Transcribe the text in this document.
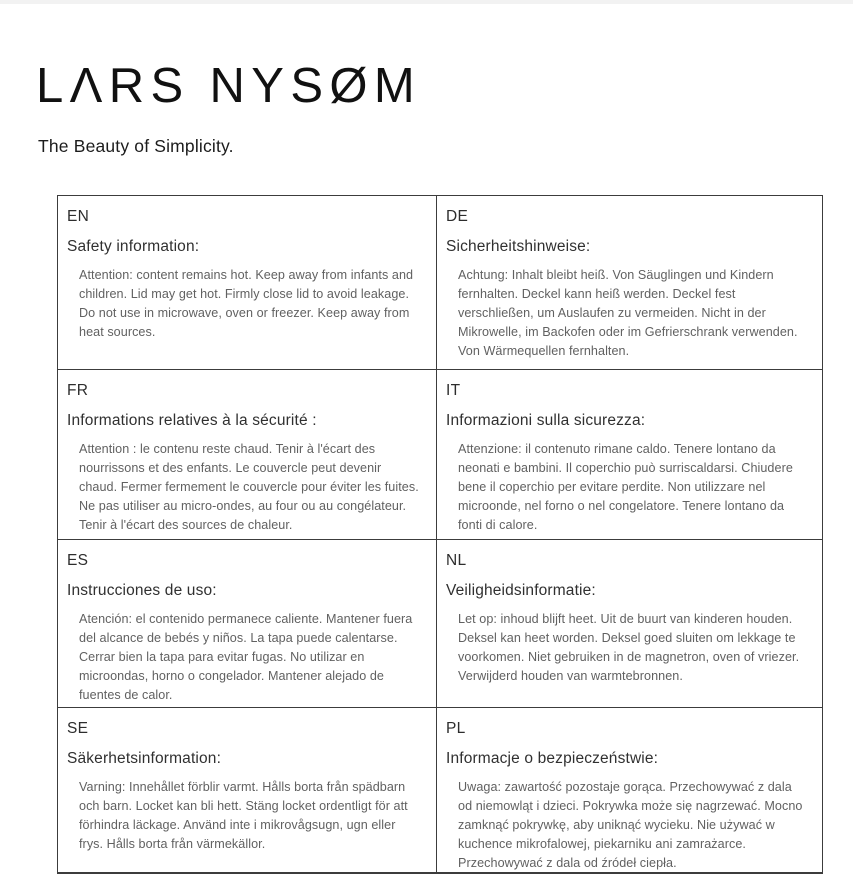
LΛRS NYSØM
The Beauty of Simplicity.
EN
Safety information:

Attention: content remains hot. Keep away from infants and children. Lid may get hot. Firmly close lid to avoid leakage. Do not use in microwave, oven or freezer. Keep away from heat sources.

DE
Sicherheitshinweise:

Achtung: Inhalt bleibt heiß. Von Säuglingen und Kindern fernhalten. Deckel kann heiß werden. Deckel fest verschließen, um Auslaufen zu vermeiden. Nicht in der Mikrowelle, im Backofen oder im Gefrierschrank verwenden. Von Wärmequellen fernhalten.

FR
Informations relatives à la sécurité :

Attention : le contenu reste chaud. Tenir à l'écart des nourrissons et des enfants. Le couvercle peut devenir chaud. Fermer fermement le couvercle pour éviter les fuites. Ne pas utiliser au micro-ondes, au four ou au congélateur. Tenir à l'écart des sources de chaleur.

IT
Informazioni sulla sicurezza:

Attenzione: il contenuto rimane caldo. Tenere lontano da neonati e bambini. Il coperchio può surriscaldarsi. Chiudere bene il coperchio per evitare perdite. Non utilizzare nel microonde, nel forno o nel congelatore. Tenere lontano da fonti di calore.

ES
Instrucciones de uso:

Atención: el contenido permanece caliente. Mantener fuera del alcance de bebés y niños. La tapa puede calentarse. Cerrar bien la tapa para evitar fugas. No utilizar en microondas, horno o congelador. Mantener alejado de fuentes de calor.

NL
Veiligheidsinformatie:

Let op: inhoud blijft heet. Uit de buurt van kinderen houden. Deksel kan heet worden. Deksel goed sluiten om lekkage te voorkomen. Niet gebruiken in de magnetron, oven of vriezer. Verwijderd houden van warmtebronnen.

SE
Säkerhetsinformation:

Varning: Innehållet förblir varmt. Hålls borta från spädbarn och barn. Locket kan bli hett. Stäng locket ordentligt för att förhindra läckage. Använd inte i mikrovågsugn, ugn eller frys. Hålls borta från värmekällor.

PL
Informacje o bezpieczeństwie:

Uwaga: zawartość pozostaje gorąca. Przechowywać z dala od niemowląt i dzieci. Pokrywka może się nagrzewać. Mocno zamknąć pokrywkę, aby uniknąć wycieku. Nie używać w kuchence mikrofalowej, piekarniku ani zamrażarce. Przechowywać z dala od źródeł ciepła.
